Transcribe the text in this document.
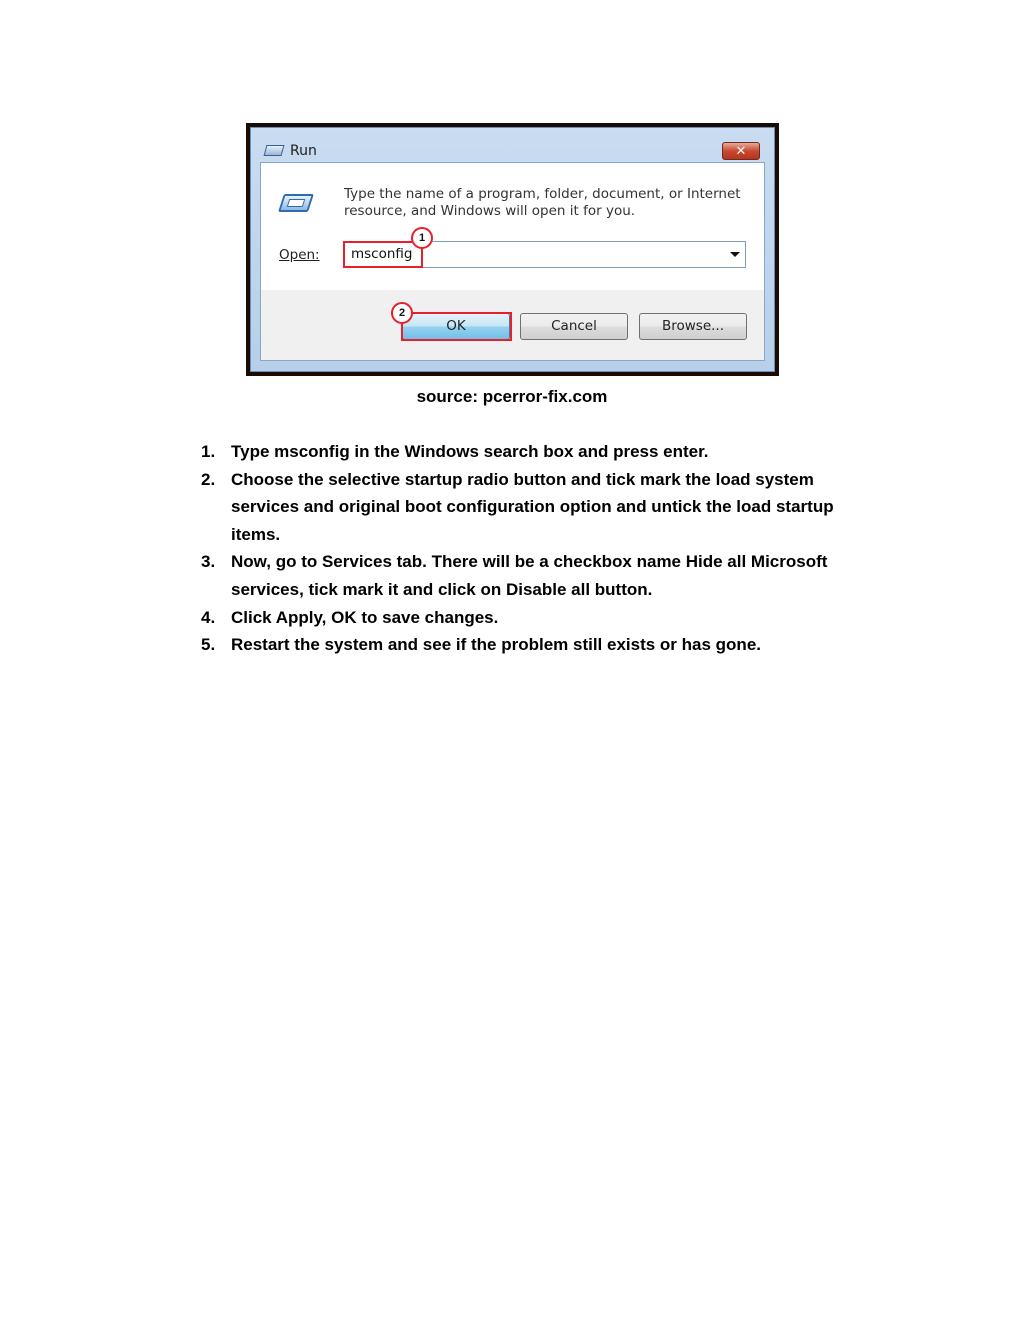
Run	✕
Type the name of a program, folder, document, or Internet resource, and Windows will open it for you.
Open: msconfig
1
OK
2
Cancel	Browse...
source: pcerror-fix.com
1. Type msconfig in the Windows search box and press enter.
2. Choose the selective startup radio button and tick mark the load system services and original boot configuration option and untick the load startup items.
3. Now, go to Services tab. There will be a checkbox name Hide all Microsoft services, tick mark it and click on Disable all button.
4. Click Apply, OK to save changes.
5. Restart the system and see if the problem still exists or has gone.
